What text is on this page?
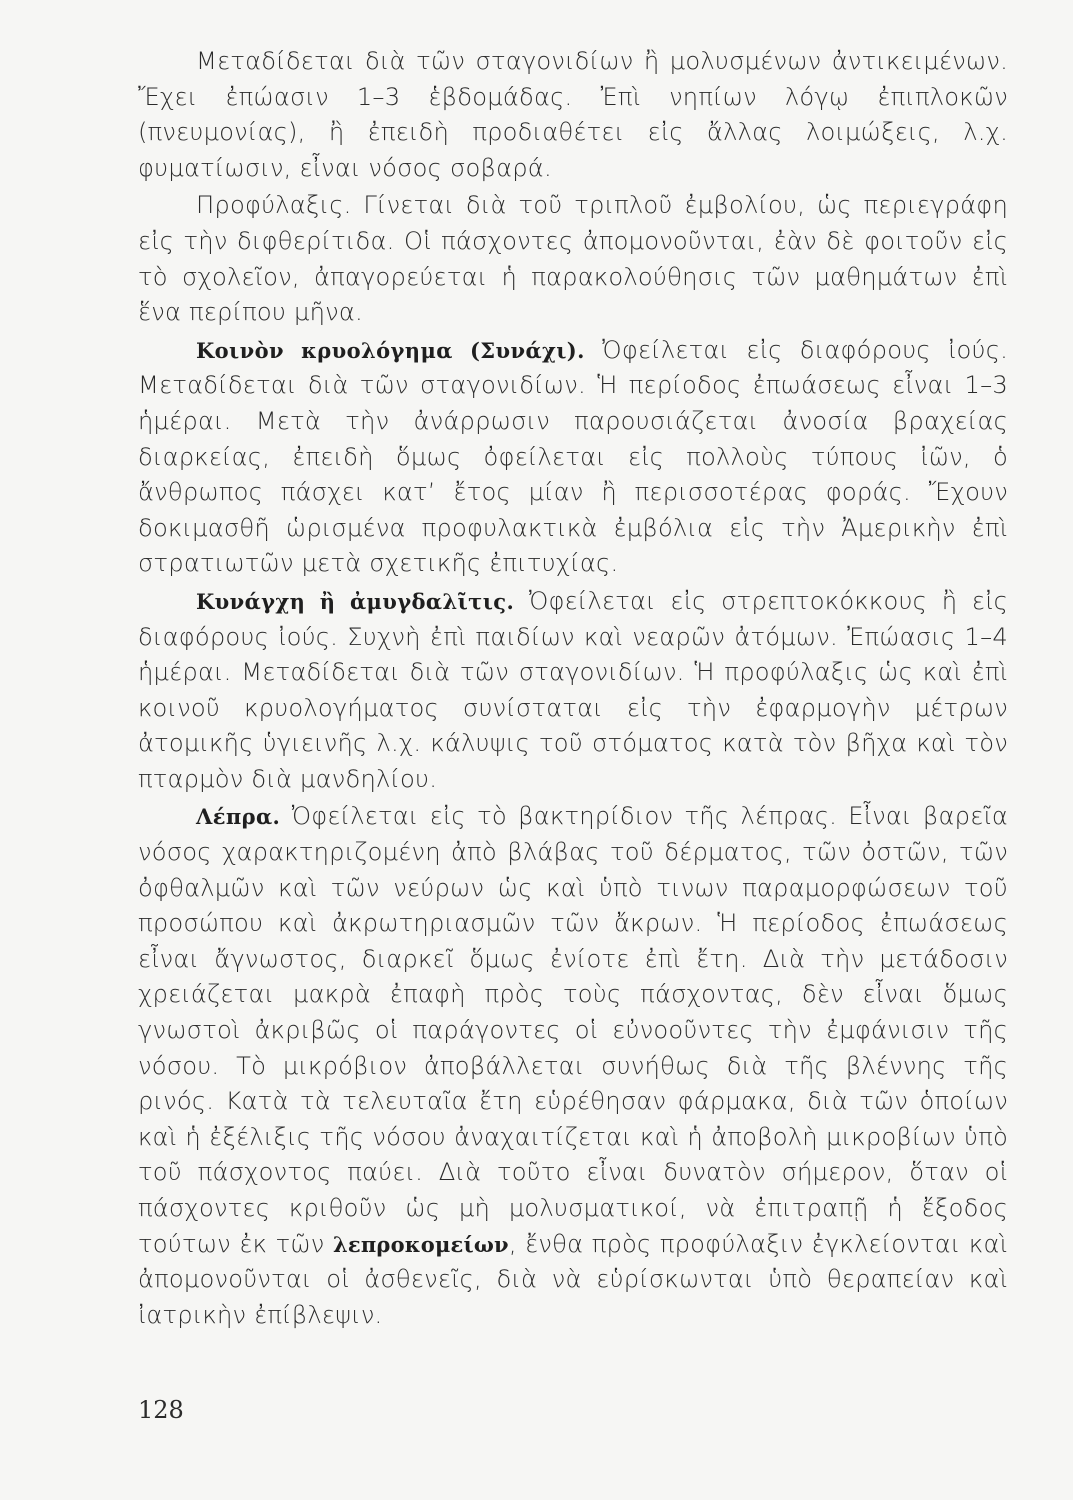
Μεταδίδεται διὰ τῶν σταγονιδίων ἢ μολυσμένων ἀντικειμένων. Ἔχει ἐπώασιν 1–3 ἑβδομάδας. Ἐπὶ νηπίων λόγῳ ἐπιπλοκῶν (πνευμονίας), ἢ ἐπειδὴ προδιαθέτει εἰς ἄλλας λοιμώξεις, λ.χ. φυματίωσιν, εἶναι νόσος σοβαρά.

Προφύλαξις. Γίνεται διὰ τοῦ τριπλοῦ ἐμβολίου, ὡς περιεγράφη εἰς τὴν διφθερίτιδα. Οἱ πάσχοντες ἀπομονοῦνται, ἐὰν δὲ φοιτοῦν εἰς τὸ σχολεῖον, ἀπαγορεύεται ἡ παρακολούθησις τῶν μαθημάτων ἐπὶ ἕνα περίπου μῆνα.

Κοινὸν κρυολόγημα (Συνάχι). Ὀφείλεται εἰς διαφόρους ἰούς. Μεταδίδεται διὰ τῶν σταγονιδίων. Ἡ περίοδος ἐπωάσεως εἶναι 1–3 ἡμέραι. Μετὰ τὴν ἀνάρρωσιν παρουσιάζεται ἀνοσία βραχείας διαρκείας, ἐπειδὴ ὅμως ὀφείλεται εἰς πολλοὺς τύπους ἰῶν, ὁ ἄνθρωπος πάσχει κατ’ ἔτος μίαν ἢ περισσοτέρας φοράς. Ἔχουν δοκιμασθῆ ὡρισμένα προφυλακτικὰ ἐμβόλια εἰς τὴν Ἀμερικὴν ἐπὶ στρατιωτῶν μετὰ σχετικῆς ἐπιτυχίας.

Κυνάγχη ἢ ἀμυγδαλῖτις. Ὀφείλεται εἰς στρεπτοκόκκους ἢ εἰς διαφόρους ἰούς. Συχνὴ ἐπὶ παιδίων καὶ νεαρῶν ἀτόμων. Ἐπώασις 1–4 ἡμέραι. Μεταδίδεται διὰ τῶν σταγονιδίων. Ἡ προφύλαξις ὡς καὶ ἐπὶ κοινοῦ κρυολογήματος συνίσταται εἰς τὴν ἐφαρμογὴν μέτρων ἀτομικῆς ὑγιεινῆς λ.χ. κάλυψις τοῦ στόματος κατὰ τὸν βῆχα καὶ τὸν πταρμὸν διὰ μανδηλίου.

Λέπρα. Ὀφείλεται εἰς τὸ βακτηρίδιον τῆς λέπρας. Εἶναι βαρεῖα νόσος χαρακτηριζομένη ἀπὸ βλάβας τοῦ δέρματος, τῶν ὀστῶν, τῶν ὀφθαλμῶν καὶ τῶν νεύρων ὡς καὶ ὑπὸ τινων παραμορφώσεων τοῦ προσώπου καὶ ἀκρωτηριασμῶν τῶν ἄκρων. Ἡ περίοδος ἐπωάσεως εἶναι ἄγνωστος, διαρκεῖ ὅμως ἐνίοτε ἐπὶ ἔτη. Διὰ τὴν μετάδοσιν χρειάζεται μακρὰ ἐπαφὴ πρὸς τοὺς πάσχοντας, δὲν εἶναι ὅμως γνωστοὶ ἀκριβῶς οἱ παράγοντες οἱ εὐνοοῦντες τὴν ἐμφάνισιν τῆς νόσου. Τὸ μικρόβιον ἀποβάλλεται συνήθως διὰ τῆς βλέννης τῆς ρινός. Κατὰ τὰ τελευταῖα ἔτη εὑρέθησαν φάρμακα, διὰ τῶν ὁποίων καὶ ἡ ἐξέλιξις τῆς νόσου ἀναχαιτίζεται καὶ ἡ ἀποβολὴ μικροβίων ὑπὸ τοῦ πάσχοντος παύει. Διὰ τοῦτο εἶναι δυνατὸν σήμερον, ὅταν οἱ πάσχοντες κριθοῦν ὡς μὴ μολυσματικοί, νὰ ἐπιτραπῇ ἡ ἔξοδος τούτων ἐκ τῶν λεπροκομείων, ἔνθα πρὸς προφύλαξιν ἐγκλείονται καὶ ἀπομονοῦνται οἱ ἀσθενεῖς, διὰ νὰ εὑρίσκωνται ὑπὸ θεραπείαν καὶ ἰατρικὴν ἐπίβλεψιν.

128
